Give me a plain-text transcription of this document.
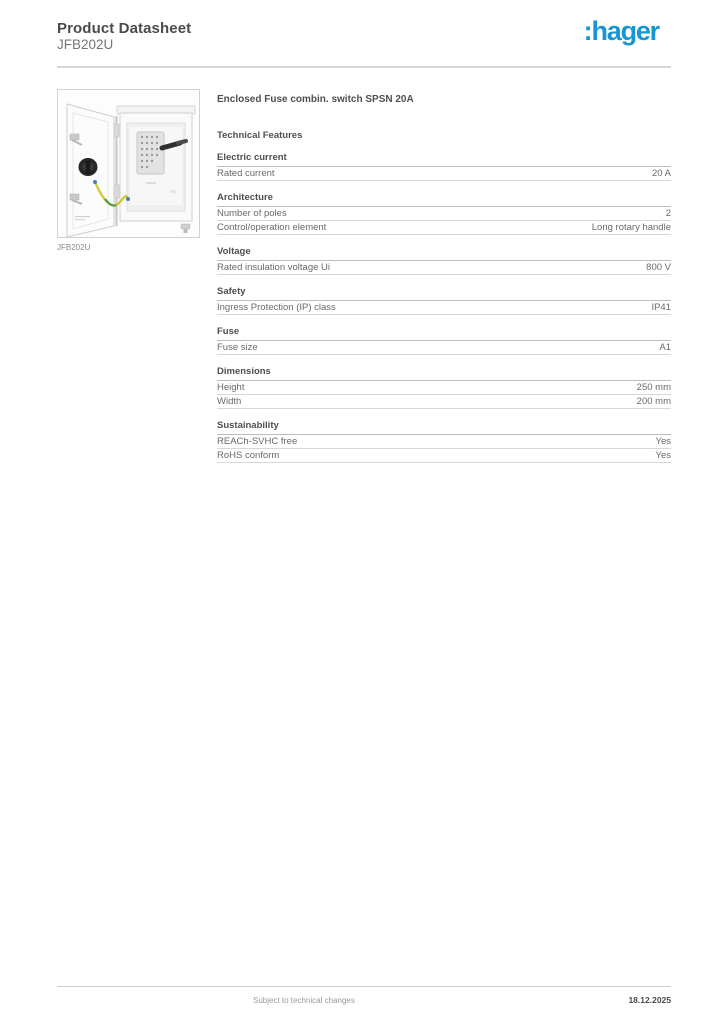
Product Datasheet
JFB202U	:hager
JFB202U
Enclosed Fuse combin. switch SPSN 20A
Technical Features
Electric current
Rated current	20 A
Architecture
Number of poles	2
Control/operation element	Long rotary handle
Voltage
Rated insulation voltage Ui	800 V
Safety
Ingress Protection (IP) class	IP41
Fuse
Fuse size	A1
Dimensions
Height	250 mm
Width	200 mm
Sustainability
REACh-SVHC free	Yes
RoHS conform	Yes
Subject to technical changes	18.12.2025
